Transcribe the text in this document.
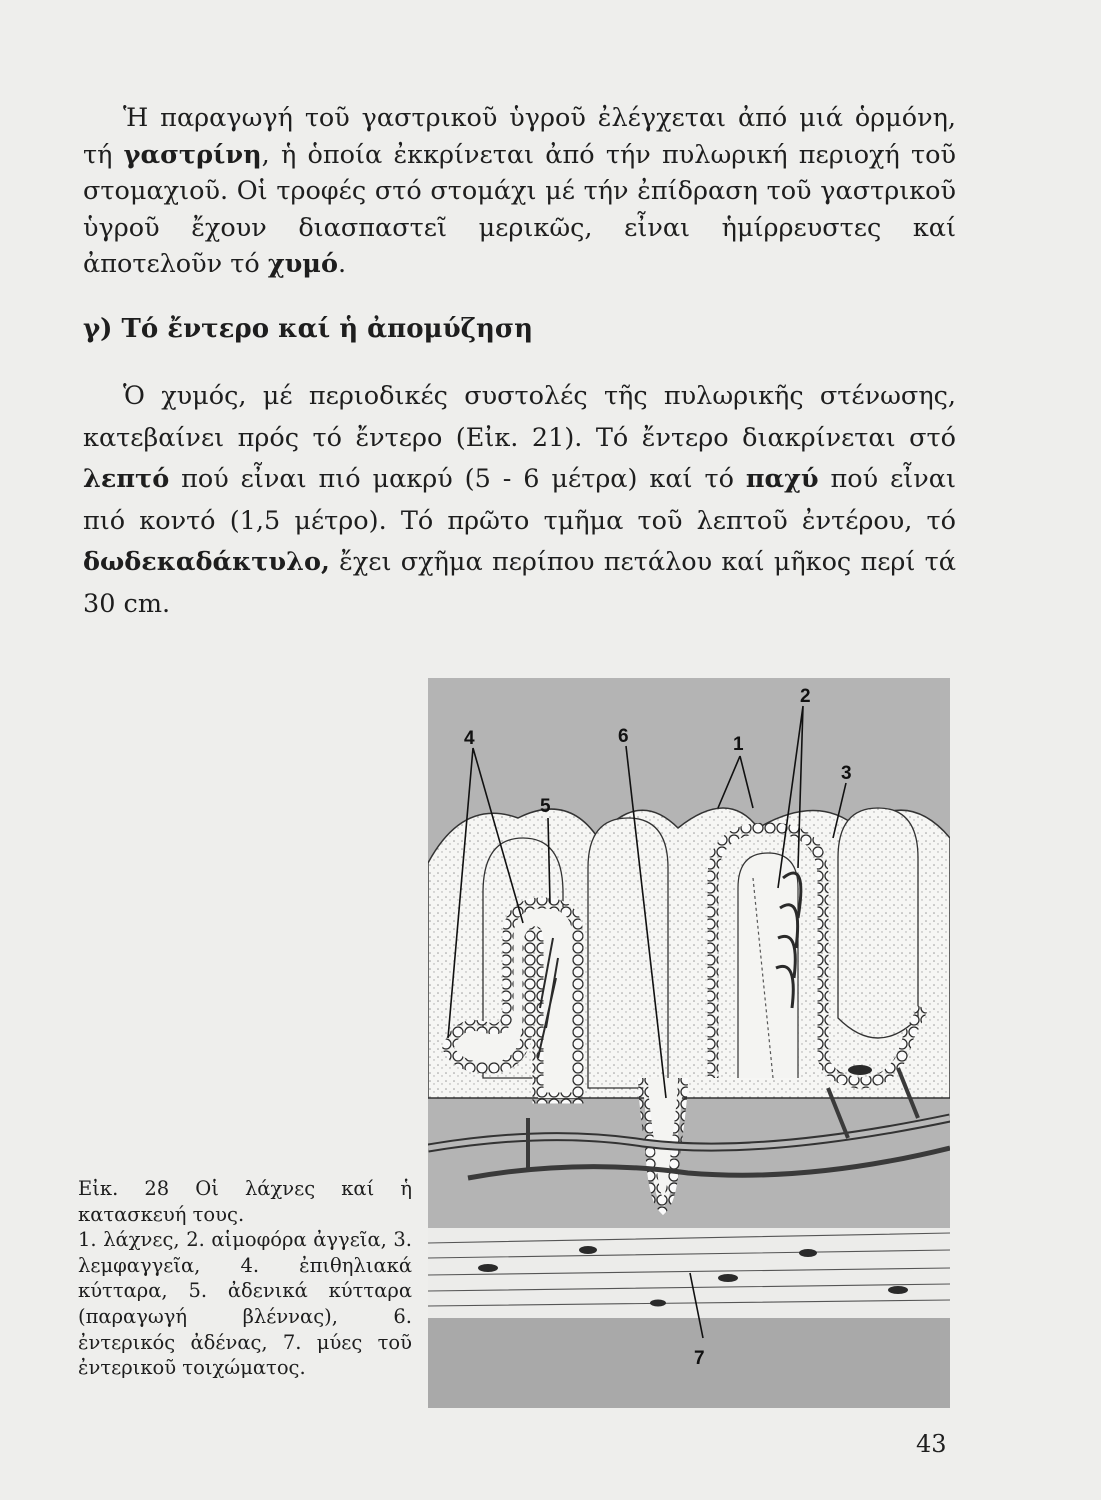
Ἡ παραγωγή τοῦ γαστρικοῦ ὑγροῦ ἐλέγχεται ἀπό μιά ὁρμόνη, τή γαστρίνη, ἡ ὁποία ἐκκρίνεται ἀπό τήν πυλωρική περιοχή τοῦ στομαχιοῦ. Οἱ τροφές στό στομάχι μέ τήν ἐπίδραση τοῦ γαστρικοῦ ὑγροῦ ἔχουν διασπαστεῖ μερικῶς, εἶναι ἡμίρρευστες καί ἀποτελοῦν τό χυμό.

γ) Τό ἔντερο καί ἡ ἀπομύζηση

Ὁ χυμός, μέ περιοδικές συστολές τῆς πυλωρικῆς στένωσης, κατεβαίνει πρός τό ἔντερο (Εἰκ. 21). Τό ἔντερο διακρίνεται στό λεπτό πού εἶναι πιό μακρύ (5 - 6 μέτρα) καί τό παχύ πού εἶναι πιό κοντό (1,5 μέτρο). Τό πρῶτο τμῆμα τοῦ λεπτοῦ ἐντέρου, τό δωδεκαδάκτυλο, ἔχει σχῆμα περίπου πετάλου καί μῆκος περί τά 30 cm.

2
1
3
4
5
6
7

Εἰκ. 28 Οἱ λάχνες καί ἡ κατασκευή τους.
1. λάχνες, 2. αἱμοφόρα ἀγγεῖα, 3. λεμφαγγεῖα, 4. ἐπιθηλιακά κύτταρα, 5. ἀδενικά κύτταρα (παραγωγή βλέννας), 6. ἐντερικός ἀδένας, 7. μύες τοῦ ἐντερικοῦ τοιχώματος.

43
